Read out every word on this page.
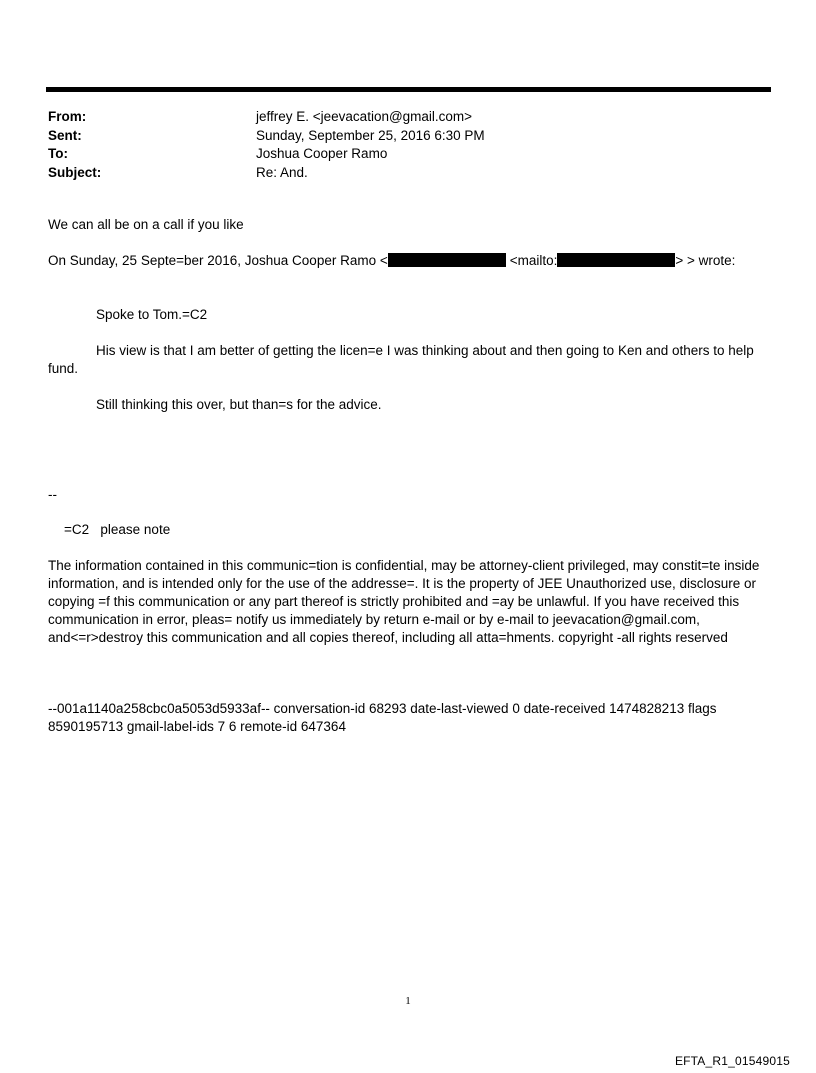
From:	jeffrey E. <jeevacation@gmail.com>
Sent:	Sunday, September 25, 2016 6:30 PM
To:	Joshua Cooper Ramo
Subject:	Re: And.
We can all be on a call if you like
On Sunday, 25 Septe=ber 2016, Joshua Cooper Ramo <	<mailto:	> > wrote:
Spoke to Tom.=C2
His view is that I am better of getting the licen=e I was thinking about and then going to Ken and others to help
fund.
Still thinking this over, but than=s for the advice.
--
=C2   please note
The information contained in this communic=tion is confidential, may be attorney-client privileged, may constit=te inside information, and is intended only for the use of the addresse=. It is the property of JEE Unauthorized use, disclosure or copying =f this communication or any part thereof is strictly prohibited and =ay be unlawful. If you have received this communication in error, pleas= notify us immediately by return e-mail or by e-mail to jeevacation@gmail.com, and<=r>destroy this communication and all copies thereof, including all atta=hments. copyright -all rights reserved
--001a1140a258cbc0a5053d5933af-- conversation-id 68293 date-last-viewed 0 date-received 1474828213 flags
8590195713 gmail-label-ids 7 6 remote-id 647364
1
EFTA_R1_01549015
